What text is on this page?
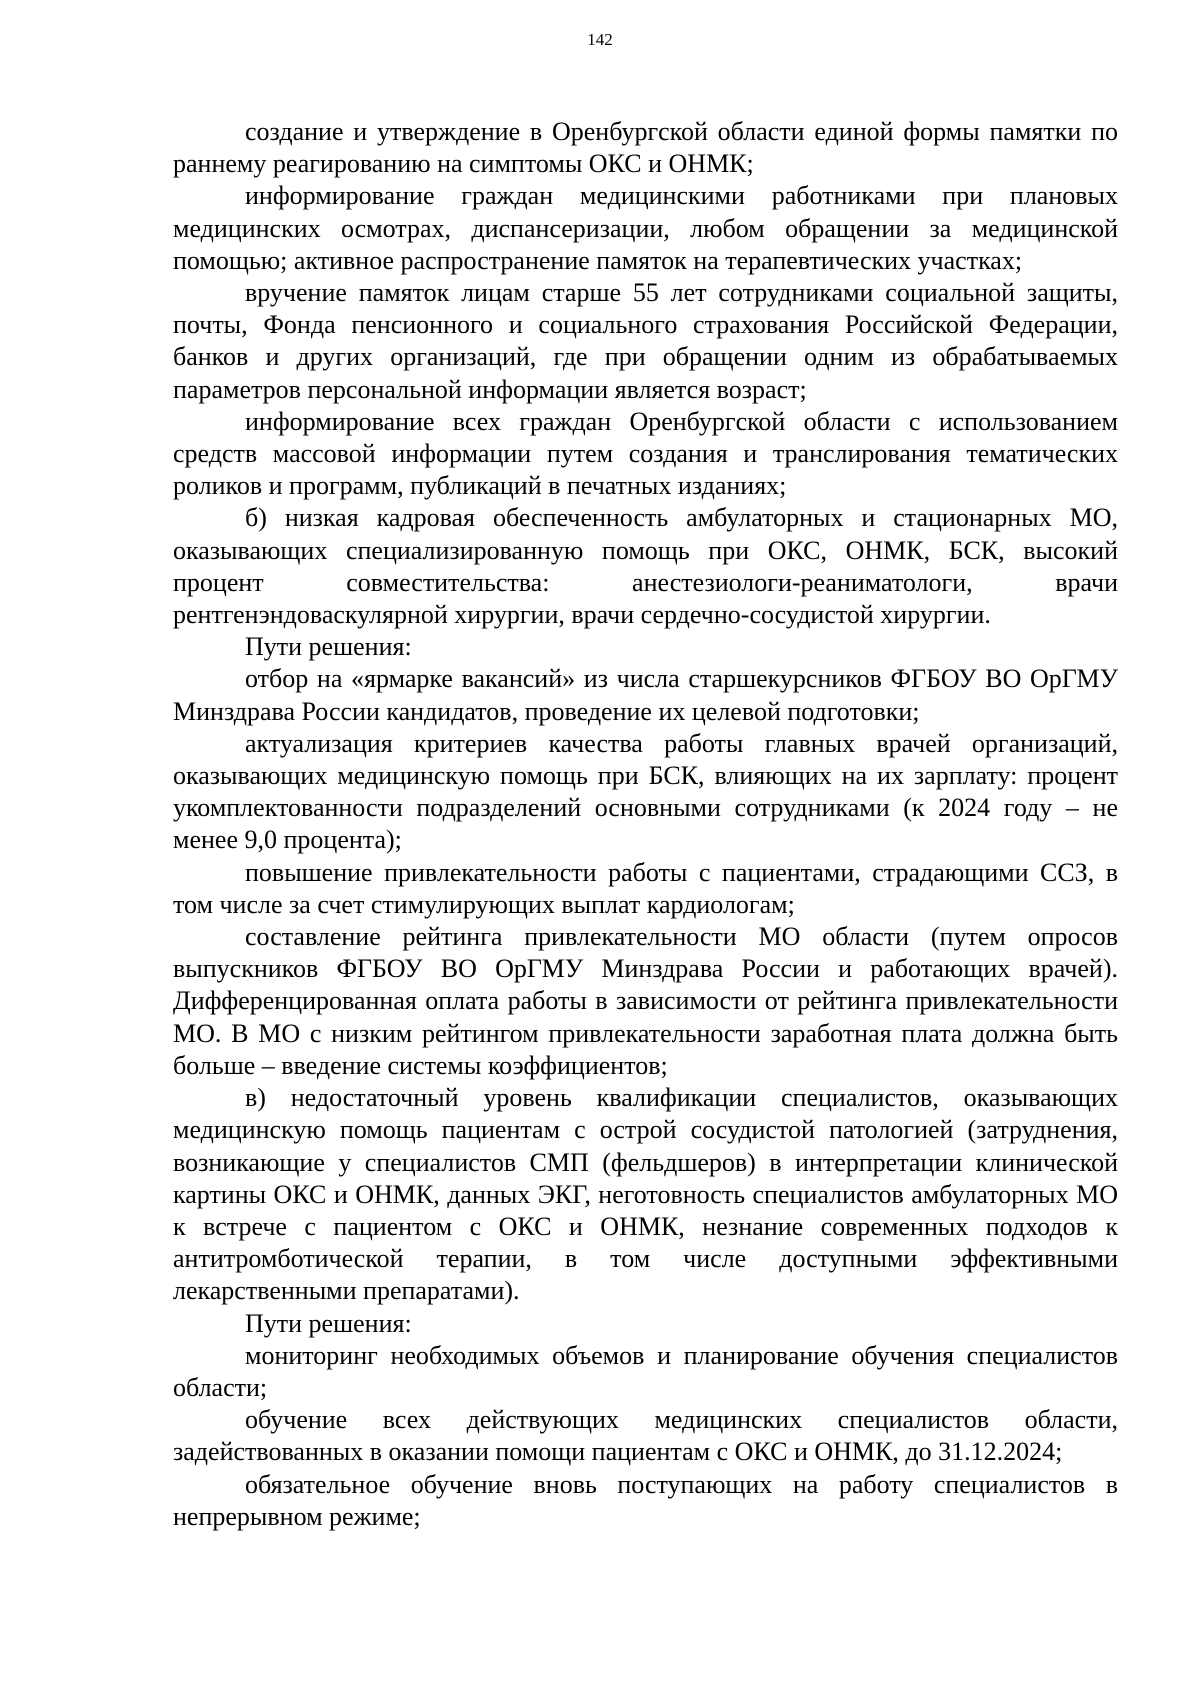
142

создание и утверждение в Оренбургской области единой формы памятки по раннему реагированию на симптомы ОКС и ОНМК;

информирование граждан медицинскими работниками при плановых медицинских осмотрах, диспансеризации, любом обращении за медицинской помощью; активное распространение памяток на терапевтических участках;

вручение памяток лицам старше 55 лет сотрудниками социальной защиты, почты, Фонда пенсионного и социального страхования Российской Федерации, банков и других организаций, где при обращении одним из обрабатываемых параметров персональной информации является возраст;

информирование всех граждан Оренбургской области с использованием средств массовой информации путем создания и транслирования тематических роликов и программ, публикаций в печатных изданиях;

б) низкая кадровая обеспеченность амбулаторных и стационарных МО, оказывающих специализированную помощь при ОКС, ОНМК, БСК, высокий процент совместительства: анестезиологи-реаниматологи, врачи рентгенэндоваскулярной хирургии, врачи сердечно-сосудистой хирургии.

Пути решения:

отбор на «ярмарке вакансий» из числа старшекурсников ФГБОУ ВО ОрГМУ Минздрава России кандидатов, проведение их целевой подготовки;

актуализация критериев качества работы главных врачей организаций, оказывающих медицинскую помощь при БСК, влияющих на их зарплату: процент укомплектованности подразделений основными сотрудниками (к 2024 году – не менее 9,0 процента);

повышение привлекательности работы с пациентами, страдающими ССЗ, в том числе за счет стимулирующих выплат кардиологам;

составление рейтинга привлекательности МО области (путем опросов выпускников ФГБОУ ВО ОрГМУ Минздрава России и работающих врачей). Дифференцированная оплата работы в зависимости от рейтинга привлекательности МО. В МО с низким рейтингом привлекательности заработная плата должна быть больше – введение системы коэффициентов;

в) недостаточный уровень квалификации специалистов, оказывающих медицинскую помощь пациентам с острой сосудистой патологией (затруднения, возникающие у специалистов СМП (фельдшеров) в интерпретации клинической картины ОКС и ОНМК, данных ЭКГ, неготовность специалистов амбулаторных МО к встрече с пациентом с ОКС и ОНМК, незнание современных подходов к антитромботической терапии, в том числе доступными эффективными лекарственными препаратами).

Пути решения:

мониторинг необходимых объемов и планирование обучения специалистов области;

обучение всех действующих медицинских специалистов области, задействованных в оказании помощи пациентам с ОКС и ОНМК, до 31.12.2024;

обязательное обучение вновь поступающих на работу специалистов в непрерывном режиме;
